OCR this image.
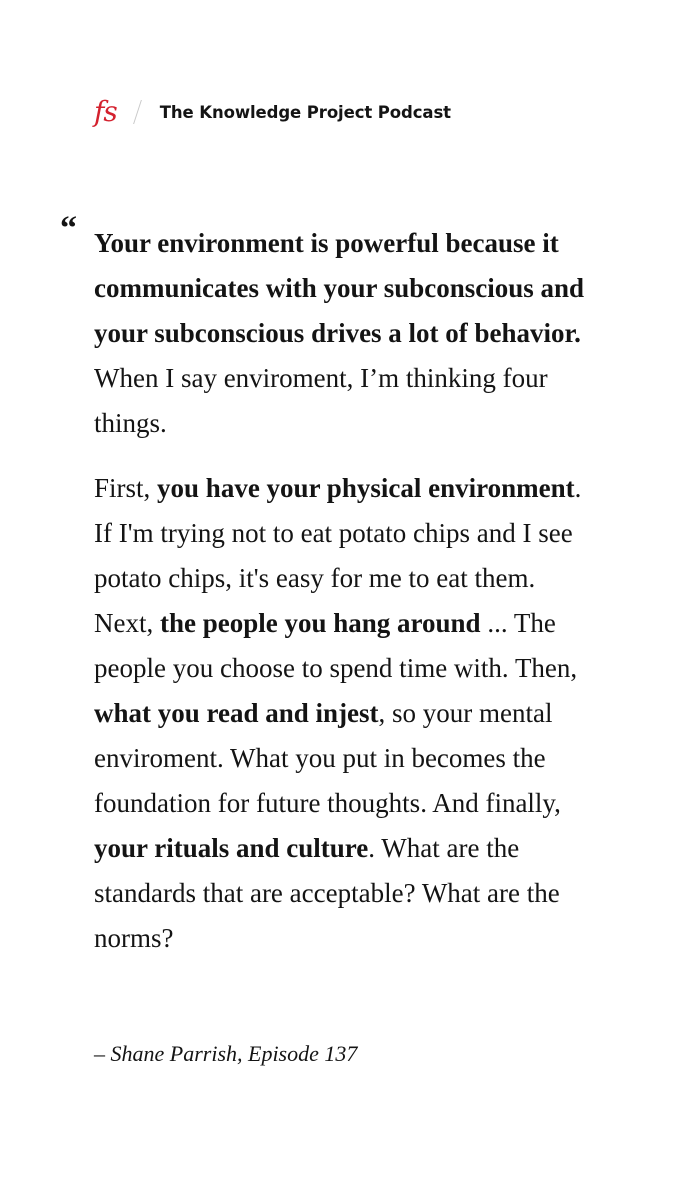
fs	The Knowledge Project Podcast
“ Your environment is powerful because it communicates with your subconscious and your subconscious drives a lot of behavior. When I say enviroment, I’m thinking four things.

First, you have your physical environment. If I'm trying not to eat potato chips and I see potato chips, it's easy for me to eat them. Next, the people you hang around ... The people you choose to spend time with. Then, what you read and injest, so your mental enviroment. What you put in becomes the foundation for future thoughts. And finally, your rituals and culture. What are the standards that are acceptable? What are the norms?

– Shane Parrish, Episode 137
